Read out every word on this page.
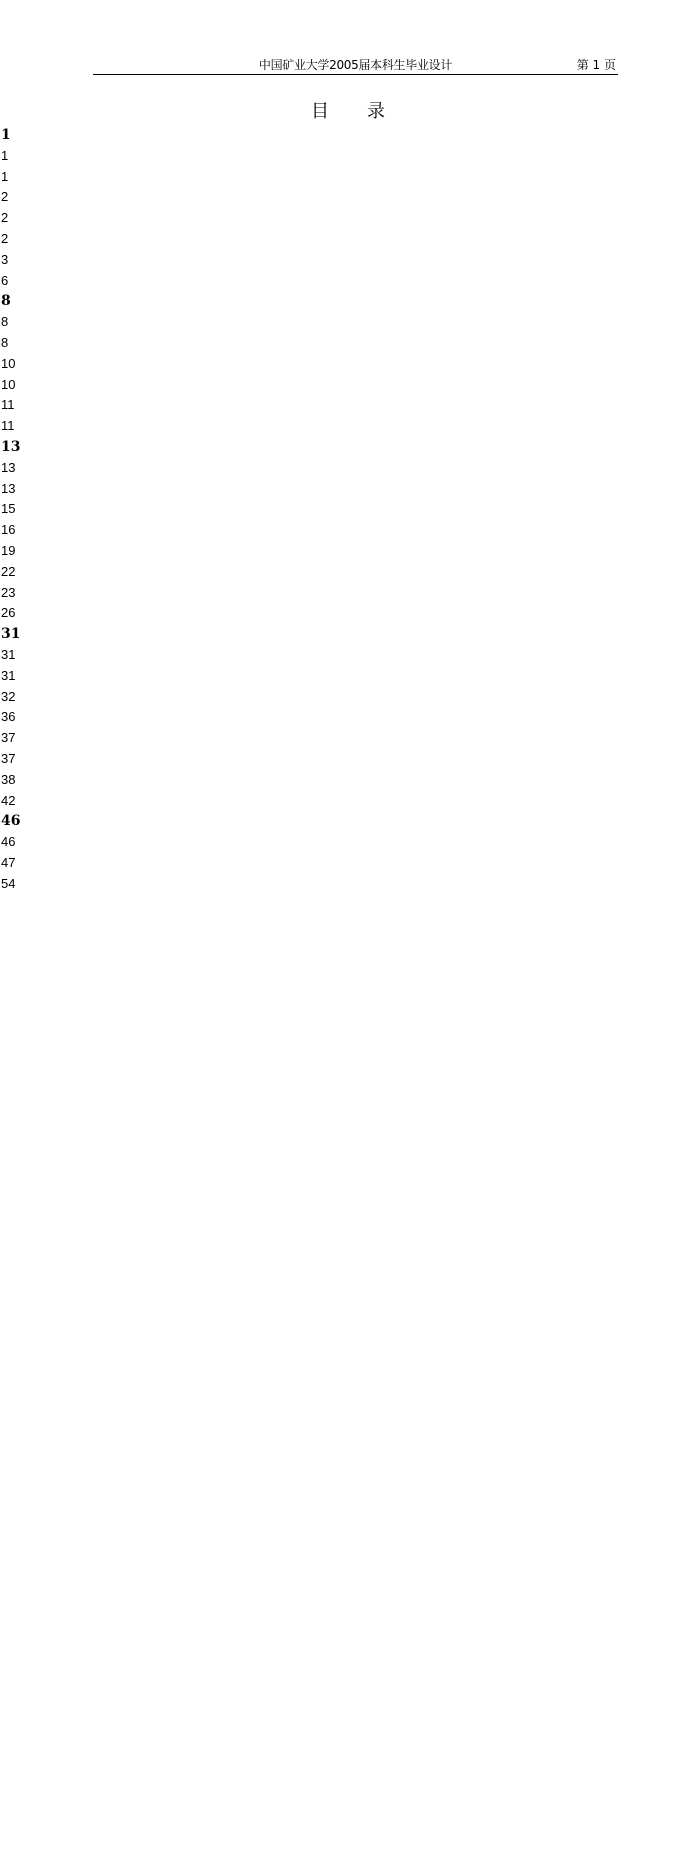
中国矿业大学2005届本科生毕业设计	第 1 页
目 录

.....
1
.....
1
.....
1
.....
2
.....
2
.....
2
.....
3
.....
6

.....
8
.....
8
.....
8
.....
10
.....
10
.....
11
.....
11

.....
13
.....
13
.....
13
.....
15
.....
16
.....
19
.....
22
.....
23
.....
26

.....
31
.....
31
.....
31
.....
32
.....
36
.....
37
.....
37
.....
38
.....
42

.....
46
.....
46
.....
47
.....
54
